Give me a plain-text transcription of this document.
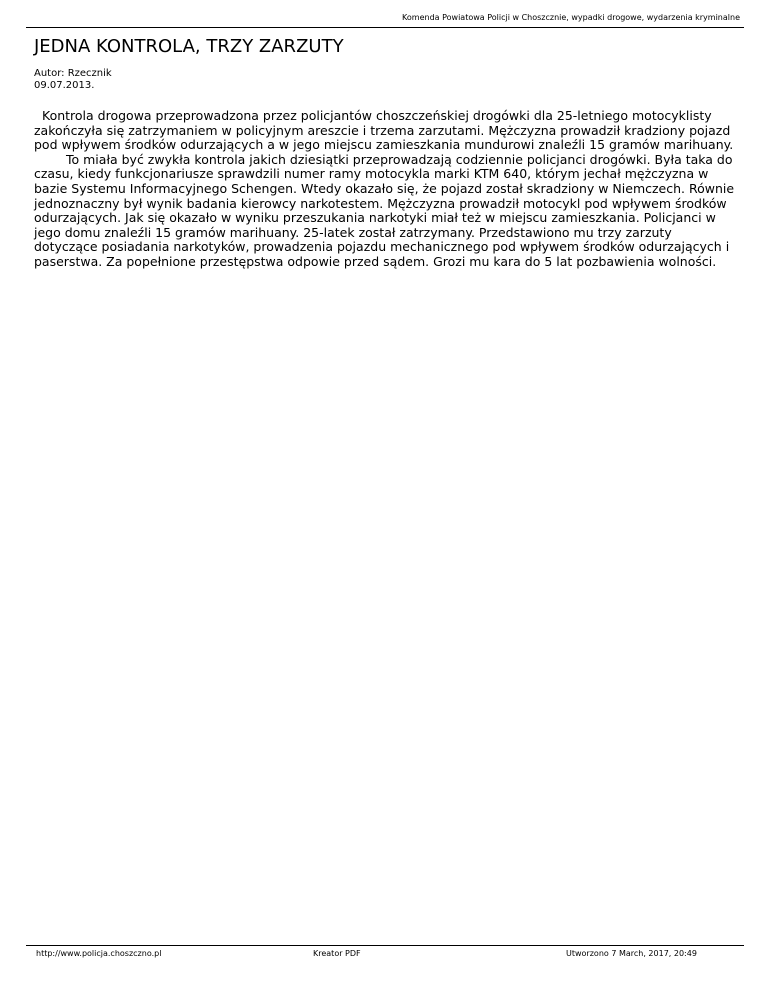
Komenda Powiatowa Policji w Choszcznie, wypadki drogowe, wydarzenia kryminalne
JEDNA KONTROLA, TRZY ZARZUTY
Autor: Rzecznik
09.07.2013.

Kontrola drogowa przeprowadzona przez policjantów choszczeńskiej drogówki dla 25-letniego motocyklisty zakończyła się zatrzymaniem w policyjnym areszcie i trzema zarzutami. Mężczyzna prowadził kradziony pojazd pod wpływem środków odurzających a w jego miejscu zamieszkania mundurowi znaleźli 15 gramów marihuany.

To miała być zwykła kontrola jakich dziesiątki przeprowadzają codziennie policjanci drogówki. Była taka do czasu, kiedy funkcjonariusze sprawdzili numer ramy motocykla marki KTM 640, którym jechał mężczyzna w bazie Systemu Informacyjnego Schengen. Wtedy okazało się, że pojazd został skradziony w Niemczech. Równie jednoznaczny był wynik badania kierowcy narkotestem. Mężczyzna prowadził motocykl pod wpływem środków odurzających. Jak się okazało w wyniku przeszukania narkotyki miał też w miejscu zamieszkania. Policjanci w jego domu znaleźli 15 gramów marihuany. 25-latek został zatrzymany. Przedstawiono mu trzy zarzuty dotyczące posiadania narkotyków, prowadzenia pojazdu mechanicznego pod wpływem środków odurzających i paserstwa. Za popełnione przestępstwa odpowie przed sądem. Grozi mu kara do 5 lat pozbawienia wolności.

http://www.policja.choszczno.pl	Kreator PDF	Utworzono 7 March, 2017, 20:49
